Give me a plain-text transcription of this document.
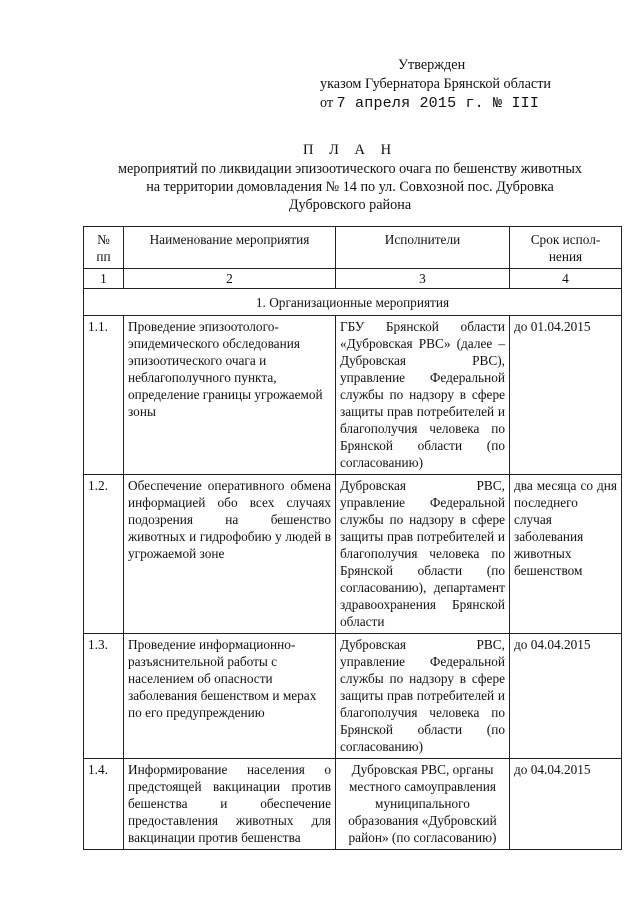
Утвержден
указом Губернатора Брянской области
от 7 апреля 2015 г. № III
П Л А Н
мероприятий по ликвидации эпизоотического очага по бешенству животных
на территории домовладения № 14 по ул. Совхозной пос. Дубровка
Дубровского района
№ пп	Наименование мероприятия	Исполнители	Срок испол-нения
1	2	3	4
1. Организационные мероприятия			
1.1.	Проведение эпизоотолого-эпидемического обследования эпизоотического очага и неблагополучного пункта, определение границы угрожаемой зоны	ГБУ Брянской области «Дубровская РВС» (далее – Дубровская РВС), управление Федеральной службы по надзору в сфере защиты прав потребителей и благополучия человека по Брянской области (по согласованию)	до 01.04.2015
1.2.	Обеспечение оперативного обмена информацией обо всех случаях подозрения на бешенство животных и гидрофобию у людей в угрожаемой зоне	Дубровская РВС, управление Федеральной службы по надзору в сфере защиты прав потребителей и благополучия человека по Брянской области (по согласованию), департамент здравоохранения Брянской области	два месяца со дня последнего случая заболевания животных бешенством
1.3.	Проведение информационно-разъяснительной работы с населением об опасности заболевания бешенством и мерах по его предупреждению	Дубровская РВС, управление Федеральной службы по надзору в сфере защиты прав потребителей и благополучия человека по Брянской области (по согласованию)	до 04.04.2015
1.4.	Информирование населения о предстоящей вакцинации против бешенства и обеспечение предоставления животных для вакцинации против бешенства	Дубровская РВС, органы местного самоуправления муниципального образования «Дубровский район» (по согласованию)	до 04.04.2015
